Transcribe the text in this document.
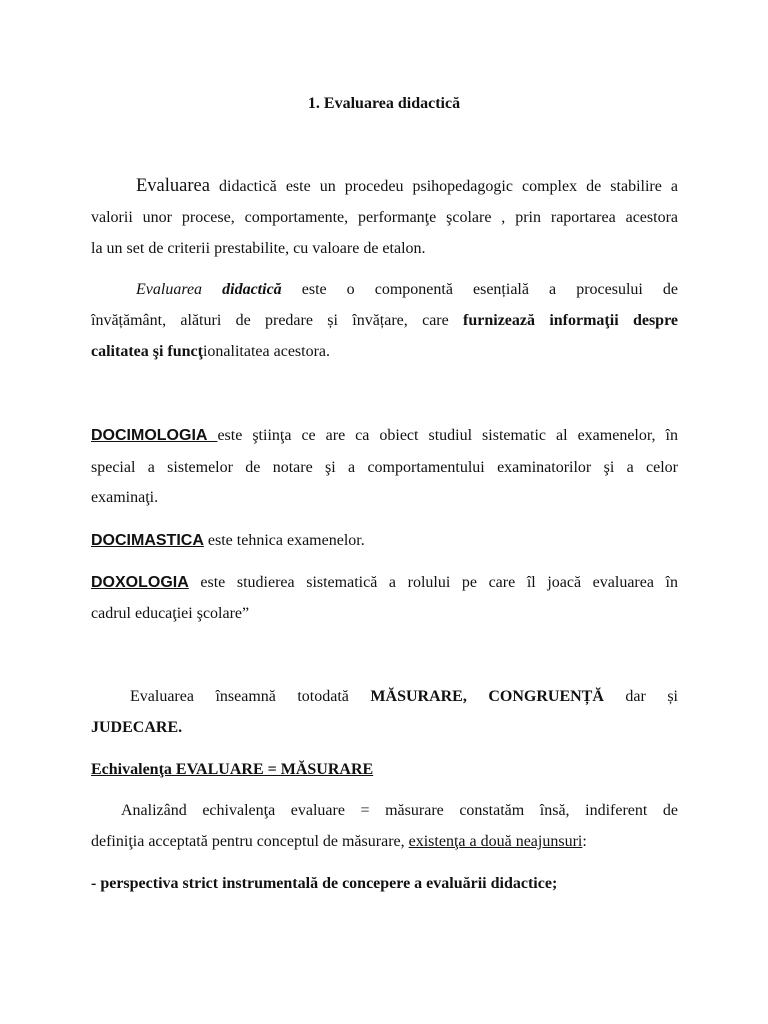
1. Evaluarea didactică
Evaluarea didactică este un procedeu psihopedagogic complex de stabilire a
valorii unor procese, comportamente, performanţe şcolare , prin raportarea acestora
la un set de criterii prestabilite, cu valoare de etalon.
Evaluarea didactică este o componentă esențială a procesului de
învățământ, alături de predare și învățare, care furnizează informaţii despre
calitatea şi funcţionalitatea acestora.
DOCIMOLOGIA este ştiinţa ce are ca obiect studiul sistematic al examenelor, în
special a sistemelor de notare şi a comportamentului examinatorilor şi a celor
examinaţi.
DOCIMASTICA este tehnica examenelor.
DOXOLOGIA este studierea sistematică a rolului pe care îl joacă evaluarea în
cadrul educaţiei şcolare”
Evaluarea înseamnă totodată MĂSURARE, CONGRUENȚĂ dar și
JUDECARE.
Echivalenţa EVALUARE = MĂSURARE
Analizând echivalenţa evaluare = măsurare constatăm însă, indiferent de
definiţia acceptată pentru conceptul de măsurare, existenţa a două neajunsuri:
- perspectiva strict instrumentală de concepere a evaluării didactice;
